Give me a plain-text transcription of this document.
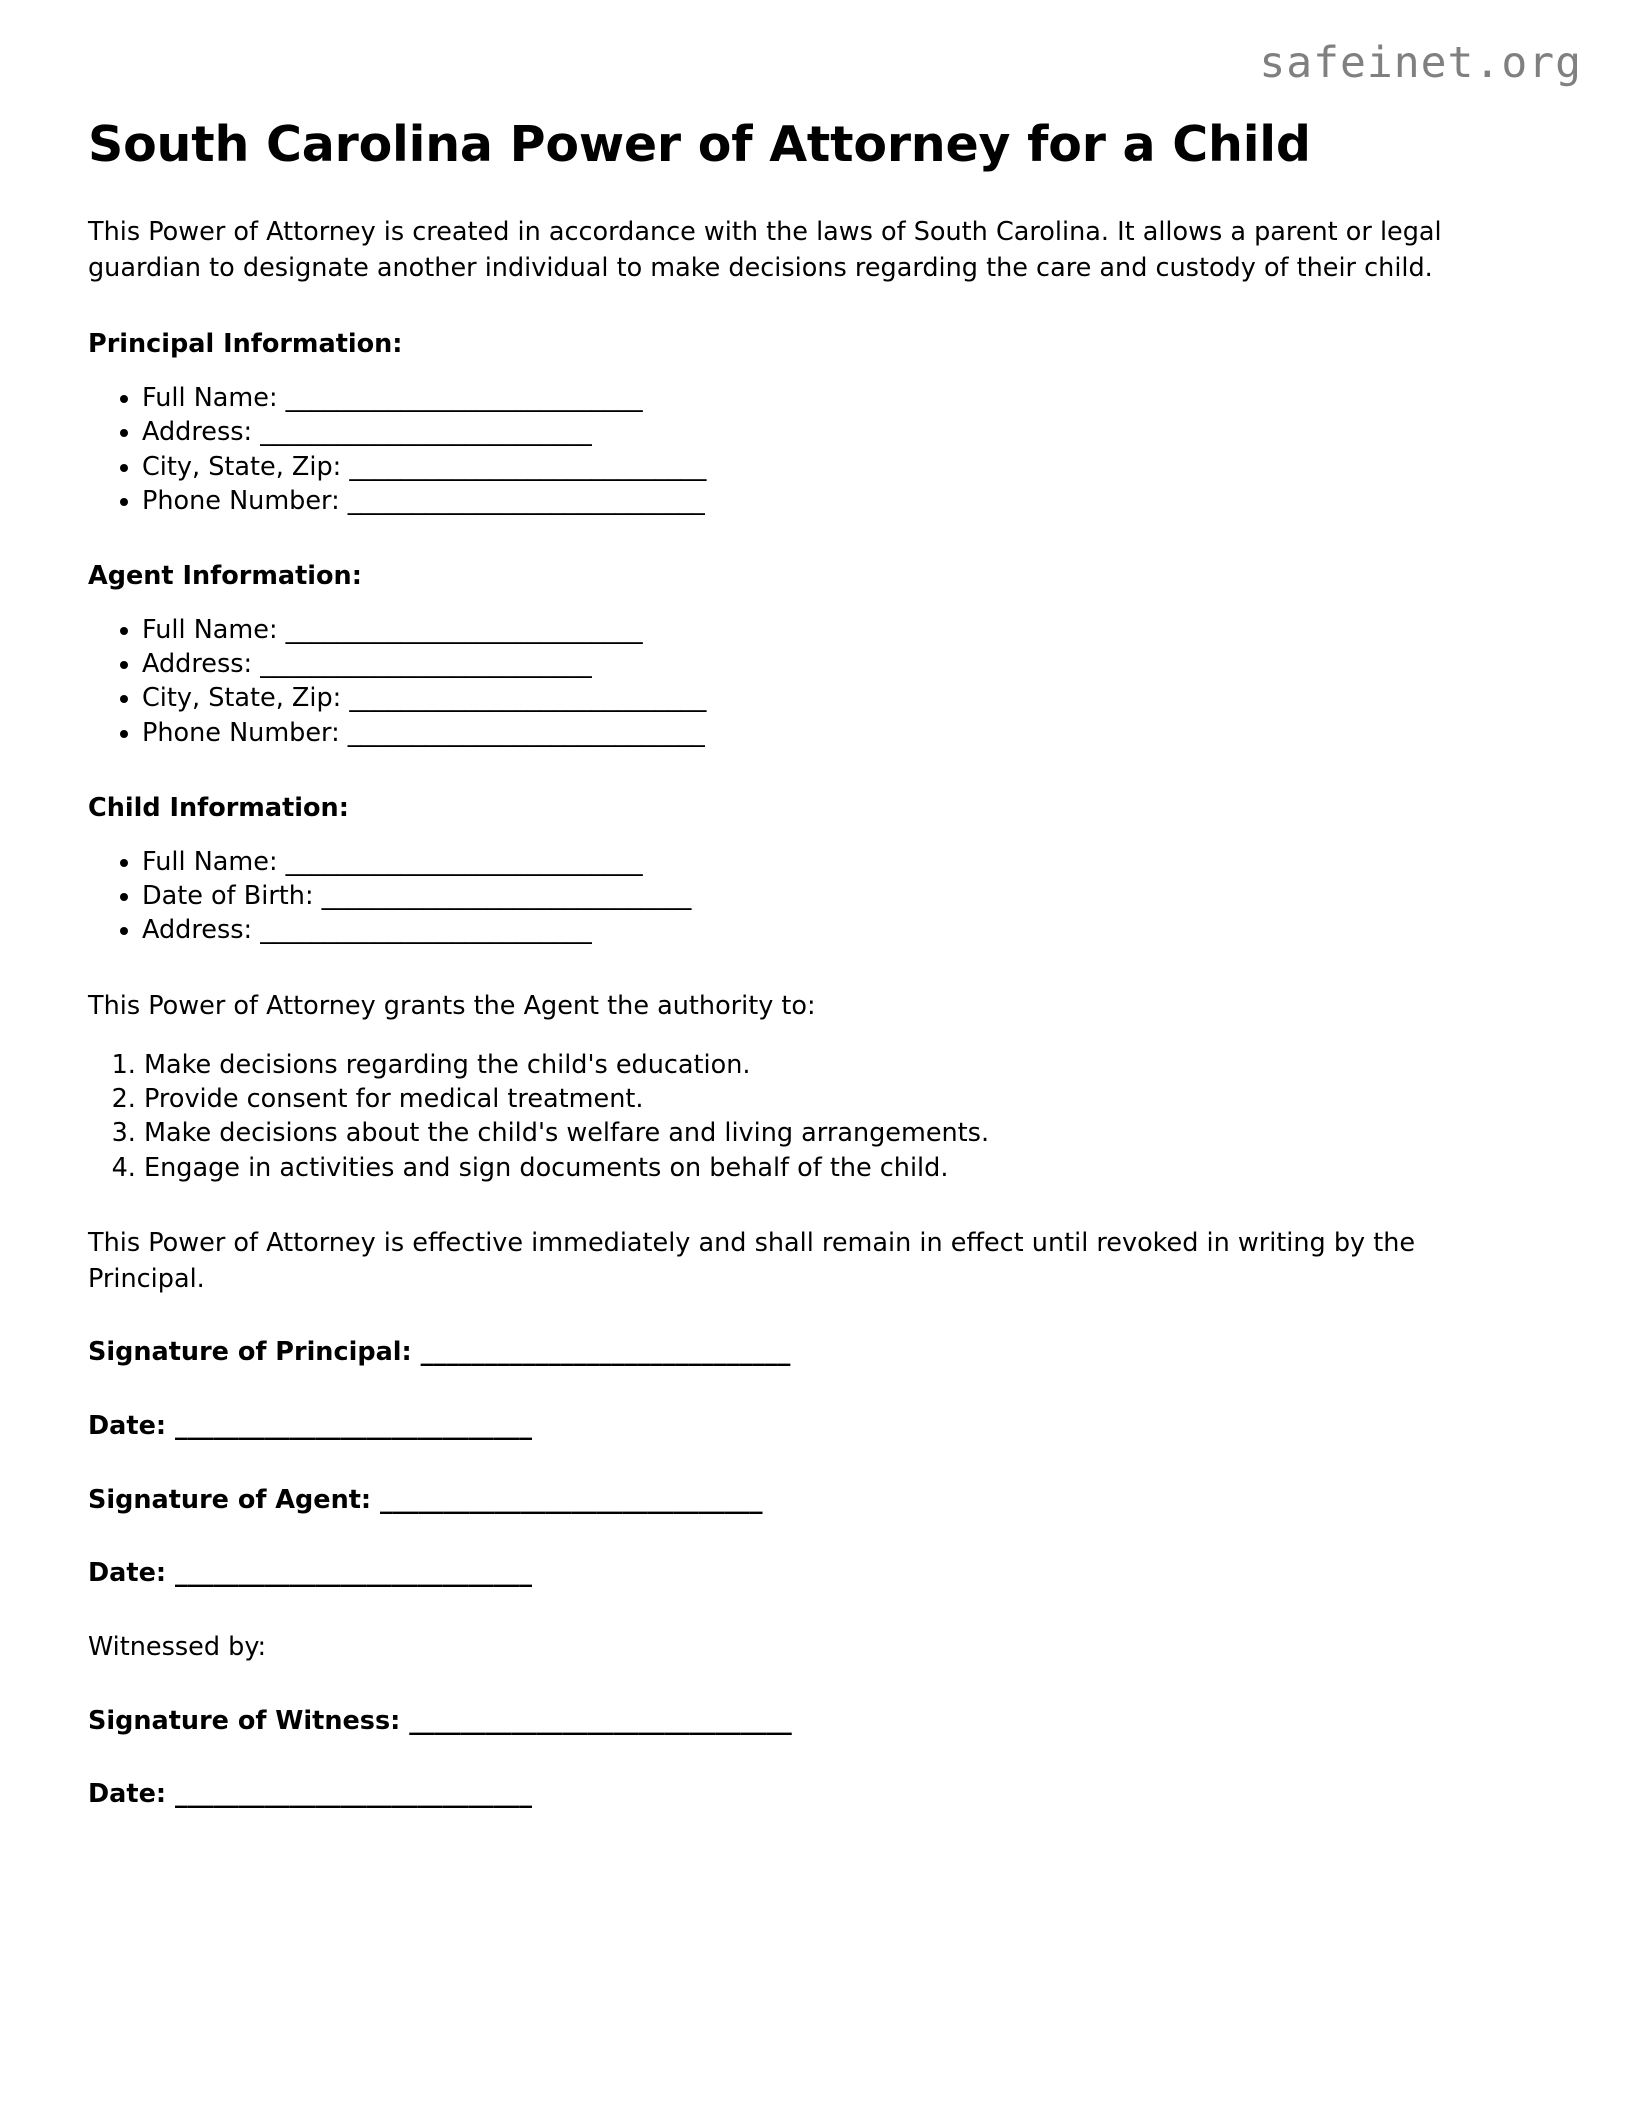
safeinet.org
South Carolina Power of Attorney for a Child

This Power of Attorney is created in accordance with the laws of South Carolina. It allows a parent or legal guardian to designate another individual to make decisions regarding the care and custody of their child.

Principal Information:
• Full Name: ____________________________
• Address: __________________________
• City, State, Zip: ____________________________
• Phone Number: ____________________________
Agent Information:
• Full Name: ____________________________
• Address: __________________________
• City, State, Zip: ____________________________
• Phone Number: ____________________________
Child Information:
• Full Name: ____________________________
• Date of Birth: _____________________________
• Address: __________________________

This Power of Attorney grants the Agent the authority to:

1. Make decisions regarding the child's education.
2. Provide consent for medical treatment.
3. Make decisions about the child's welfare and living arrangements.
4. Engage in activities and sign documents on behalf of the child.

This Power of Attorney is effective immediately and shall remain in effect until revoked in writing by the Principal.

Signature of Principal: _____________________________

Date: ____________________________

Signature of Agent: ______________________________

Date: ____________________________

Witnessed by:

Signature of Witness: ______________________________

Date: ____________________________
